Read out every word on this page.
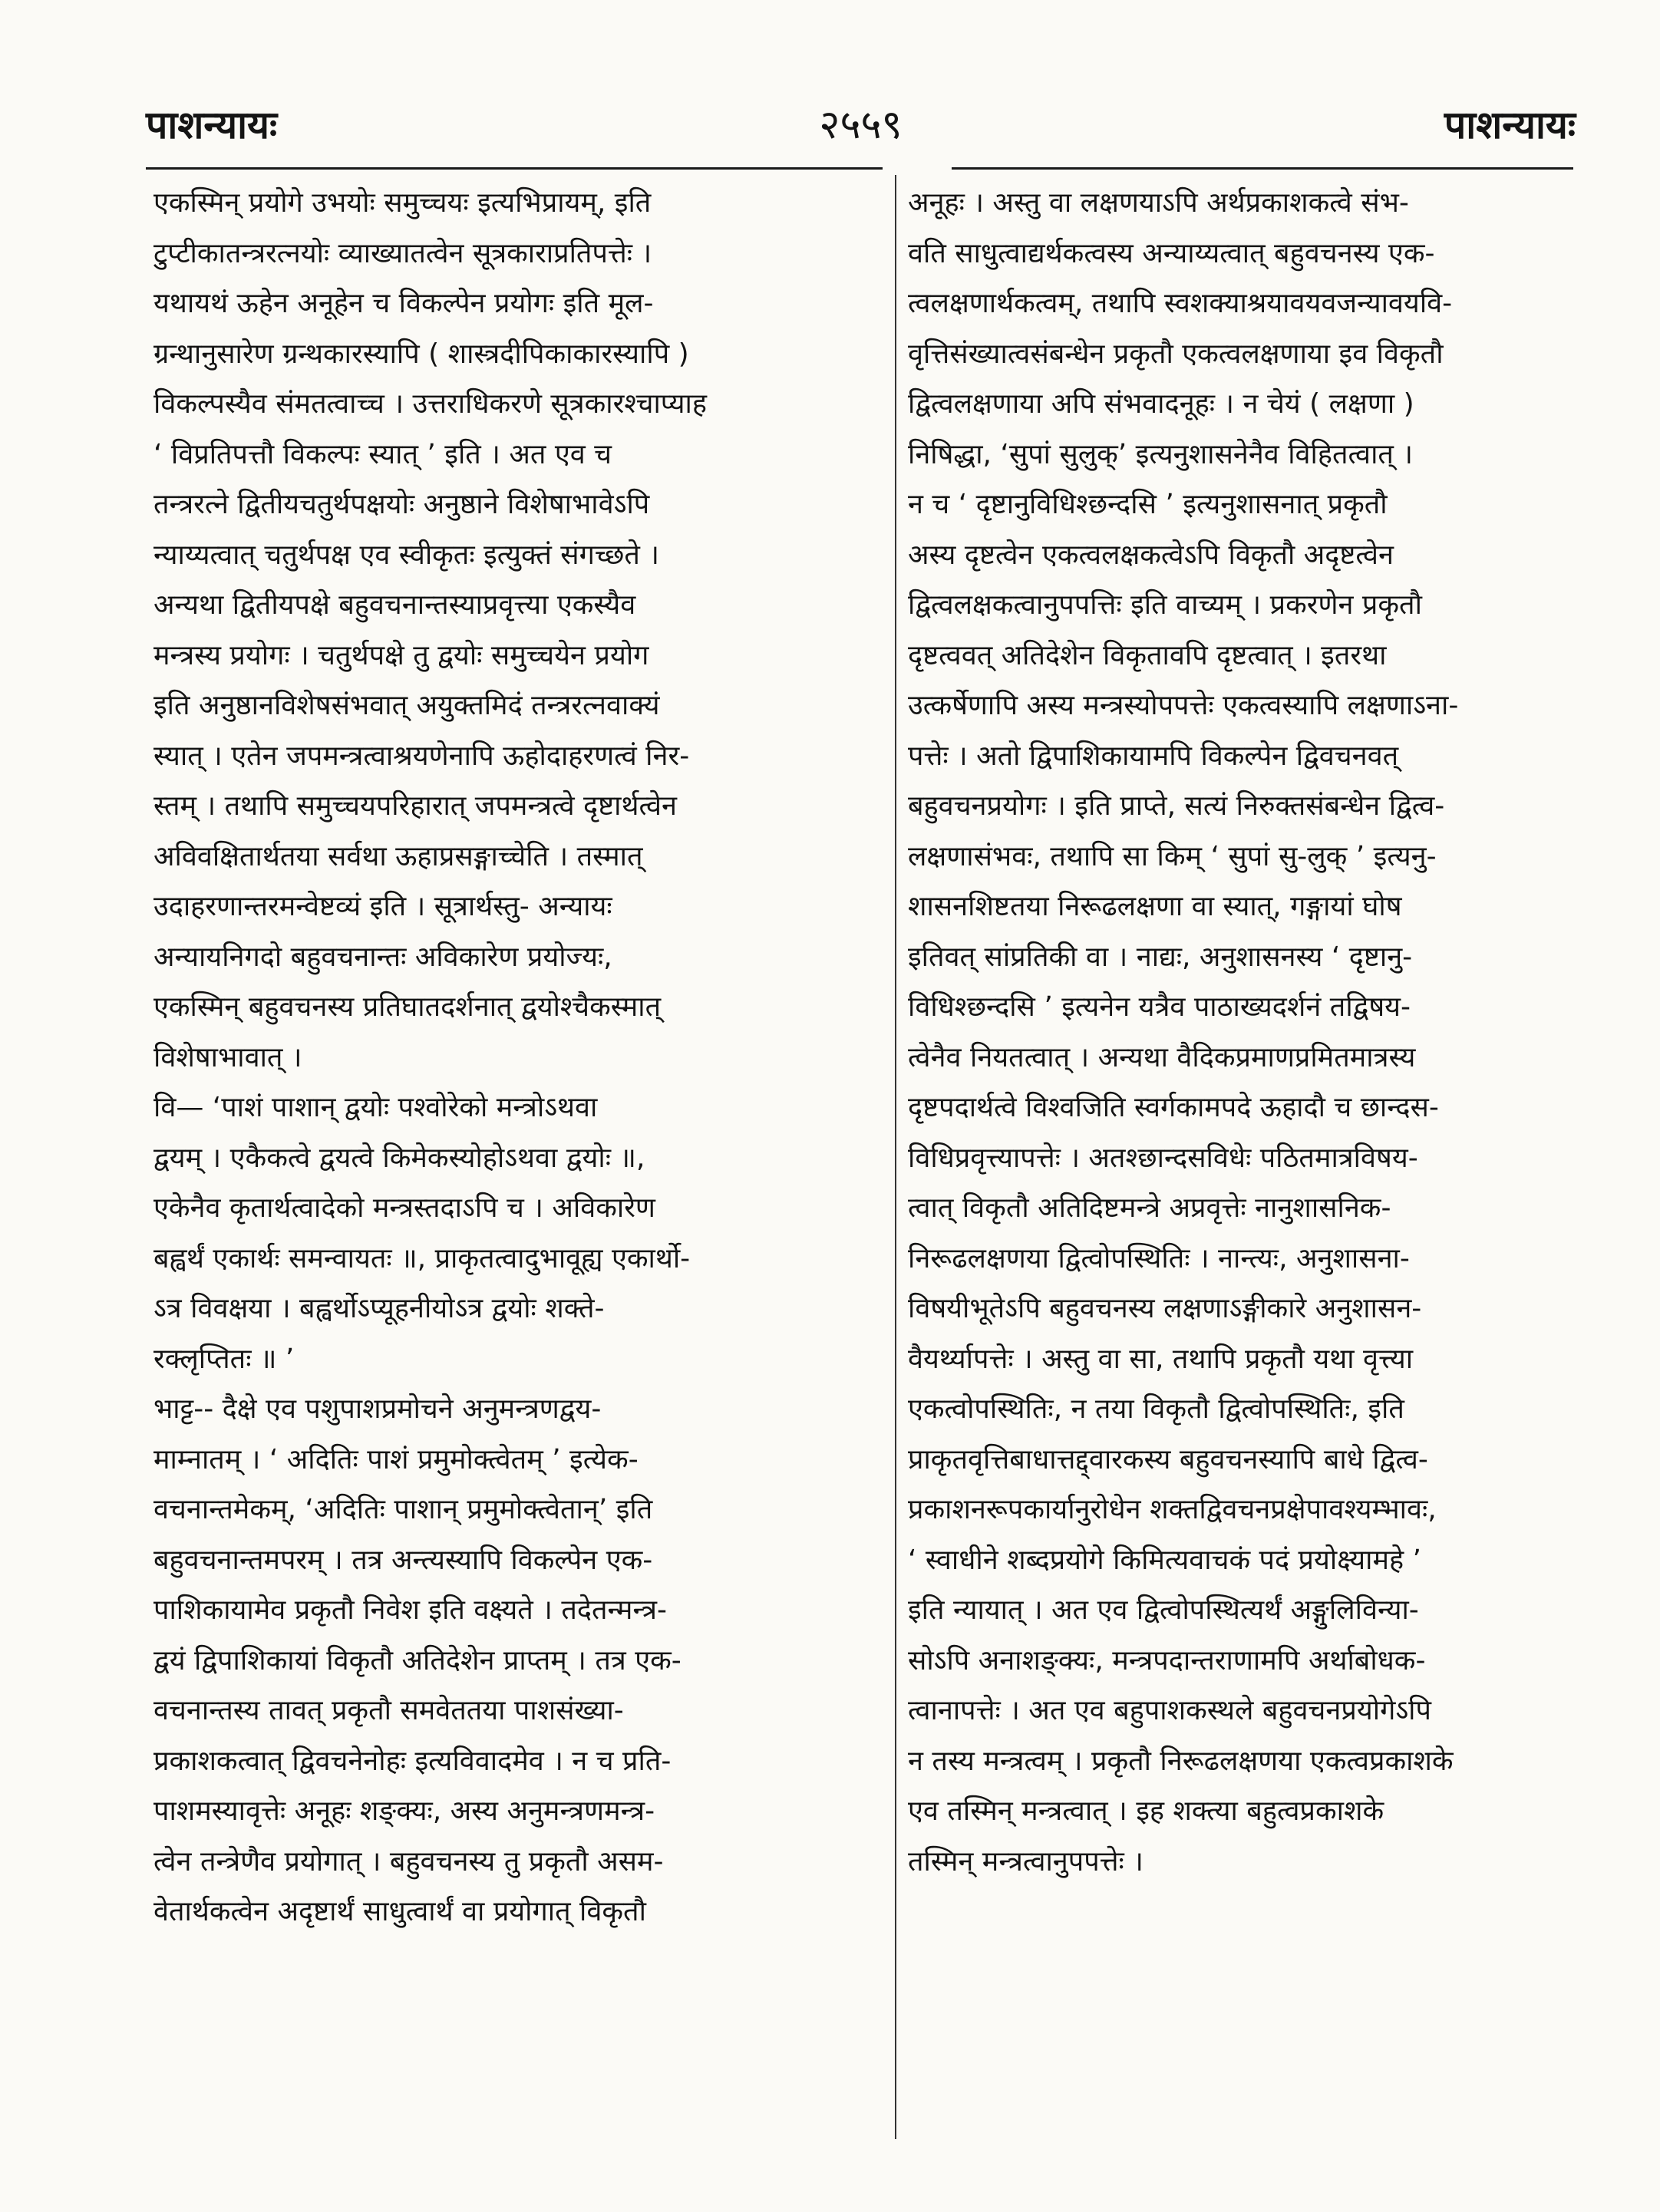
पाशन्यायः	२५५९	पाशन्यायः
एकस्मिन् प्रयोगे उभयोः समुच्चयः इत्यभिप्रायम्, इति
टुप्टीकातन्त्ररत्नयोः व्याख्यातत्वेन सूत्रकाराप्रतिपत्तेः ।
यथायथं ऊहेन अनूहेन च विकल्पेन प्रयोगः इति मूल-
ग्रन्थानुसारेण ग्रन्थकारस्यापि ( शास्त्रदीपिकाकारस्यापि )
विकल्पस्यैव संमतत्वाच्च । उत्तराधिकरणे सूत्रकारश्चाप्याह
‘ विप्रतिपत्तौ विकल्पः स्यात् ’ इति । अत एव च
तन्त्ररत्ने द्वितीयचतुर्थपक्षयोः अनुष्ठाने विशेषाभावेऽपि
न्याय्यत्वात् चतुर्थपक्ष एव स्वीकृतः इत्युक्तं संगच्छते ।
अन्यथा द्वितीयपक्षे बहुवचनान्तस्याप्रवृत्त्या एकस्यैव
मन्त्रस्य प्रयोगः । चतुर्थपक्षे तु द्वयोः समुच्चयेन प्रयोग
इति अनुष्ठानविशेषसंभवात् अयुक्तमिदं तन्त्ररत्नवाक्यं
स्यात् । एतेन जपमन्त्रत्वाश्रयणेनापि ऊहोदाहरणत्वं निर-
स्तम् । तथापि समुच्चयपरिहारात् जपमन्त्रत्वे दृष्टार्थत्वेन
अविवक्षितार्थतया सर्वथा ऊहाप्रसङ्गाच्चेति । तस्मात्
उदाहरणान्तरमन्वेष्टव्यं इति । सूत्रार्थस्तु- अन्यायः
अन्यायनिगदो बहुवचनान्तः अविकारेण प्रयोज्यः,
एकस्मिन् बहुवचनस्य प्रतिघातदर्शनात् द्वयोश्चैकस्मात्
विशेषाभावात् ।
वि— ‘पाशं पाशान् द्वयोः पश्वोरेको मन्त्रोऽथवा
द्वयम् । एकैकत्वे द्वयत्वे किमेकस्योहोऽथवा द्वयोः ॥,
एकेनैव कृतार्थत्वादेको मन्त्रस्तदाऽपि च । अविकारेण
बह्वर्थं एकार्थः समन्वायतः ॥, प्राकृतत्वादुभावूह्य एकार्थो-
ऽत्र विवक्षया । बह्वर्थोऽप्यूहनीयोऽत्र द्वयोः शक्ते-
रक्लृप्तितः ॥ ’
भाट्ट-- दैक्षे एव पशुपाशप्रमोचने अनुमन्त्रणद्वय-
माम्नातम् । ‘ अदितिः पाशं प्रमुमोक्त्वेतम् ’ इत्येक-
वचनान्तमेकम्, ‘अदितिः पाशान् प्रमुमोक्त्वेतान्’ इति
बहुवचनान्तमपरम् । तत्र अन्त्यस्यापि विकल्पेन एक-
पाशिकायामेव प्रकृतौ निवेश इति वक्ष्यते । तदेतन्मन्त्र-
द्वयं द्विपाशिकायां विकृतौ अतिदेशेन प्राप्तम् । तत्र एक-
वचनान्तस्य तावत् प्रकृतौ समवेततया पाशसंख्या-
प्रकाशकत्वात् द्विवचनेनोहः इत्यविवादमेव । न च प्रति-
पाशमस्यावृत्तेः अनूहः शङ्क्यः, अस्य अनुमन्त्रणमन्त्र-
त्वेन तन्त्रेणैव प्रयोगात् । बहुवचनस्य तु प्रकृतौ असम-
वेतार्थकत्वेन अदृष्टार्थं साधुत्वार्थं वा प्रयोगात् विकृतौ
अनूहः । अस्तु वा लक्षणयाऽपि अर्थप्रकाशकत्वे संभ-
वति साधुत्वाद्यर्थकत्वस्य अन्याय्यत्वात् बहुवचनस्य एक-
त्वलक्षणार्थकत्वम्, तथापि स्वशक्याश्रयावयवजन्यावयवि-
वृत्तिसंख्यात्वसंबन्धेन प्रकृतौ एकत्वलक्षणाया इव विकृतौ
द्वित्वलक्षणाया अपि संभवादनूहः । न चेयं ( लक्षणा )
निषिद्धा, ‘सुपां सुलुक्’ इत्यनुशासनेनैव विहितत्वात् ।
न च ‘ दृष्टानुविधिश्छन्दसि ’ इत्यनुशासनात् प्रकृतौ
अस्य दृष्टत्वेन एकत्वलक्षकत्वेऽपि विकृतौ अदृष्टत्वेन
द्वित्वलक्षकत्वानुपपत्तिः इति वाच्यम् । प्रकरणेन प्रकृतौ
दृष्टत्ववत् अतिदेशेन विकृतावपि दृष्टत्वात् । इतरथा
उत्कर्षेणापि अस्य मन्त्रस्योपपत्तेः एकत्वस्यापि लक्षणाऽना-
पत्तेः । अतो द्विपाशिकायामपि विकल्पेन द्विवचनवत्
बहुवचनप्रयोगः । इति प्राप्ते, सत्यं निरुक्तसंबन्धेन द्वित्व-
लक्षणासंभवः, तथापि सा किम् ‘ सुपां सु-लुक् ’ इत्यनु-
शासनशिष्टतया निरूढलक्षणा वा स्यात्, गङ्गायां घोष
इतिवत् सांप्रतिकी वा । नाद्यः, अनुशासनस्य ‘ दृष्टानु-
विधिश्छन्दसि ’ इत्यनेन यत्रैव पाठाख्यदर्शनं तद्विषय-
त्वेनैव नियतत्वात् । अन्यथा वैदिकप्रमाणप्रमितमात्रस्य
दृष्टपदार्थत्वे विश्वजिति स्वर्गकामपदे ऊहादौ च छान्दस-
विधिप्रवृत्त्यापत्तेः । अतश्छान्दसविधेः पठितमात्रविषय-
त्वात् विकृतौ अतिदिष्टमन्त्रे अप्रवृत्तेः नानुशासनिक-
निरूढलक्षणया द्वित्वोपस्थितिः । नान्त्यः, अनुशासना-
विषयीभूतेऽपि बहुवचनस्य लक्षणाऽङ्गीकारे अनुशासन-
वैयर्थ्यापत्तेः । अस्तु वा सा, तथापि प्रकृतौ यथा वृत्त्या
एकत्वोपस्थितिः, न तया विकृतौ द्वित्वोपस्थितिः, इति
प्राकृतवृत्तिबाधात्तद्द्वारकस्य बहुवचनस्यापि बाधे द्वित्व-
प्रकाशनरूपकार्यानुरोधेन शक्तद्विवचनप्रक्षेपावश्यम्भावः,
‘ स्वाधीने शब्दप्रयोगे किमित्यवाचकं पदं प्रयोक्ष्यामहे ’
इति न्यायात् । अत एव द्वित्वोपस्थित्यर्थं अङ्गुलिविन्या-
सोऽपि अनाशङ्क्यः, मन्त्रपदान्तराणामपि अर्थाबोधक-
त्वानापत्तेः । अत एव बहुपाशकस्थले बहुवचनप्रयोगेऽपि
न तस्य मन्त्रत्वम् । प्रकृतौ निरूढलक्षणया एकत्वप्रकाशके
एव तस्मिन् मन्त्रत्वात् । इह शक्त्या बहुत्वप्रकाशके
तस्मिन् मन्त्रत्वानुपपत्तेः ।
